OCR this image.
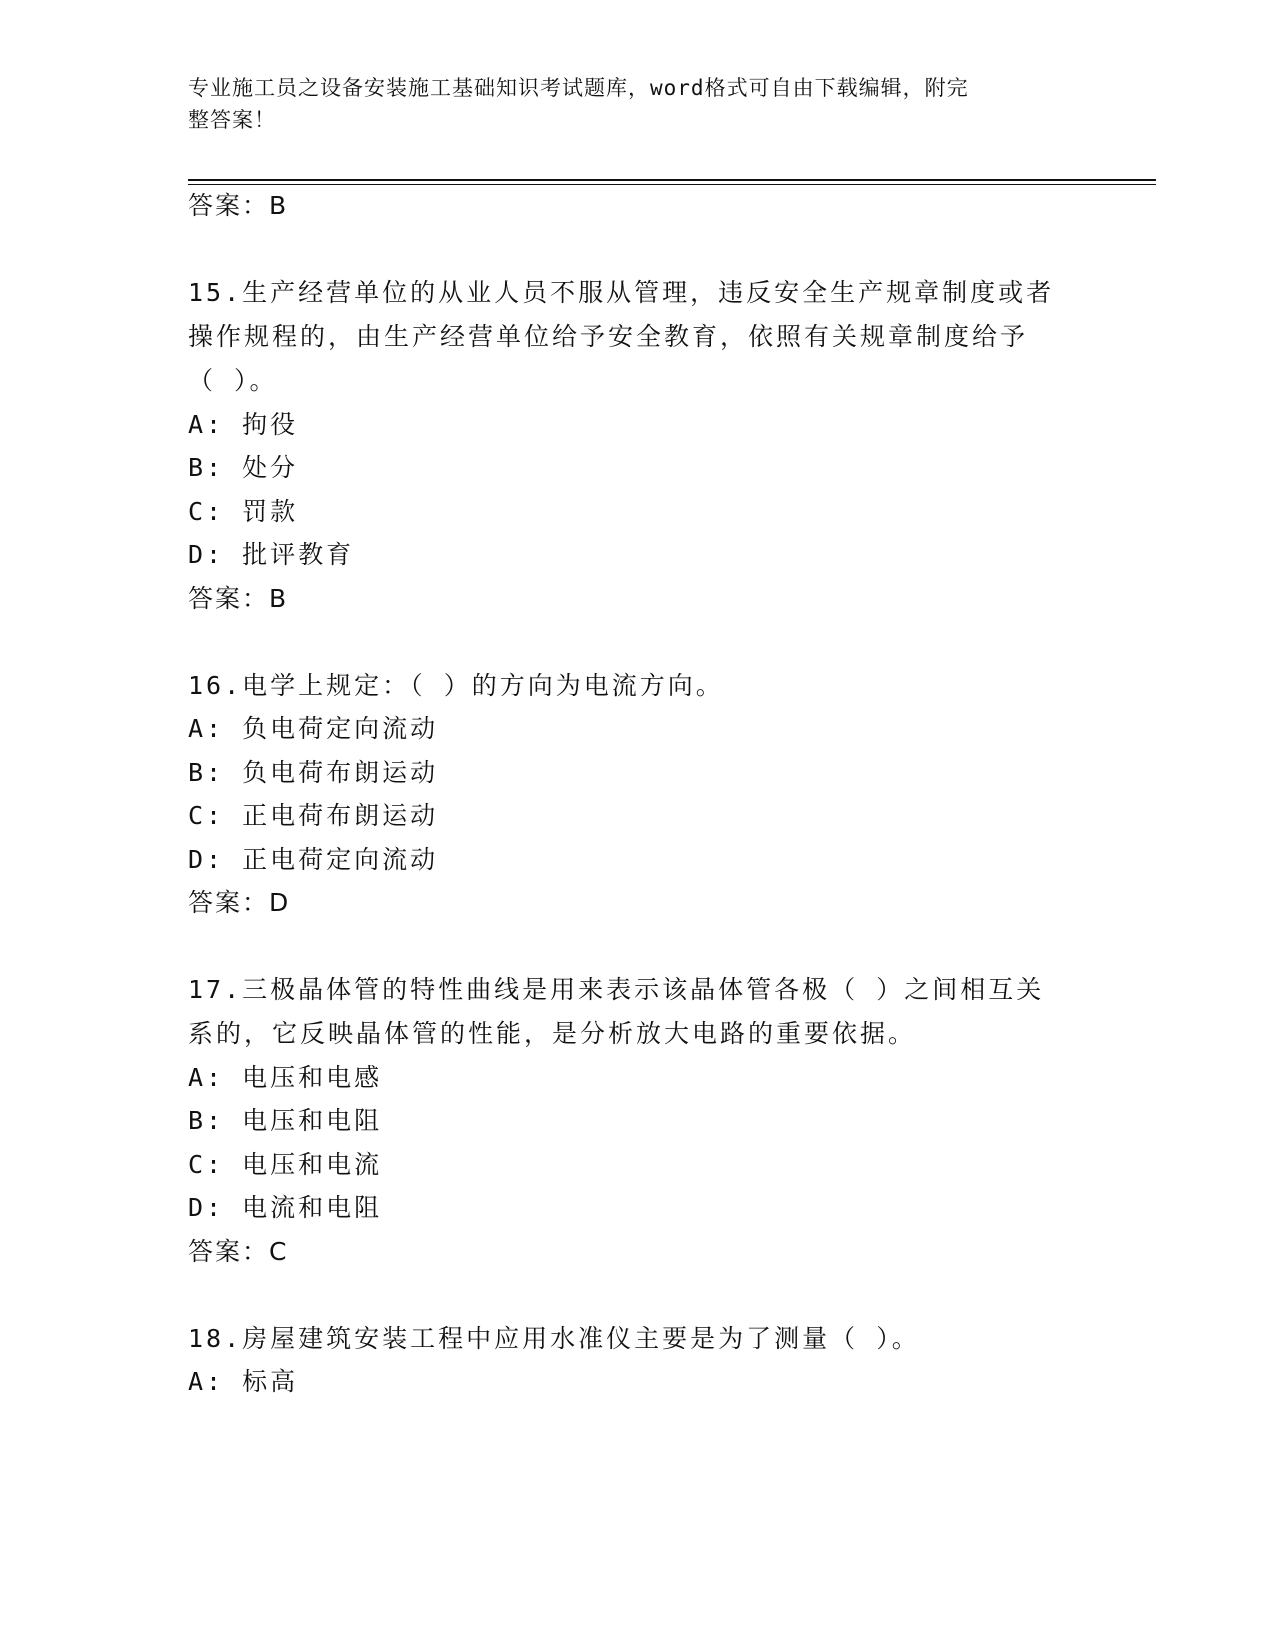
专业施工员之设备安装施工基础知识考试题库，word格式可自由下载编辑，附完
整答案！
答案：B
15.生产经营单位的从业人员不服从管理，违反安全生产规章制度或者
操作规程的，由生产经营单位给予安全教育，依照有关规章制度给予
（ ）。
A: 拘役
B: 处分
C: 罚款
D: 批评教育
答案：B
16.电学上规定：（ ）的方向为电流方向。
A: 负电荷定向流动
B: 负电荷布朗运动
C: 正电荷布朗运动
D: 正电荷定向流动
答案：D
17.三极晶体管的特性曲线是用来表示该晶体管各极（ ）之间相互关
系的，它反映晶体管的性能，是分析放大电路的重要依据。
A: 电压和电感
B: 电压和电阻
C: 电压和电流
D: 电流和电阻
答案：C
18.房屋建筑安装工程中应用水准仪主要是为了测量（ ）。
A: 标高
